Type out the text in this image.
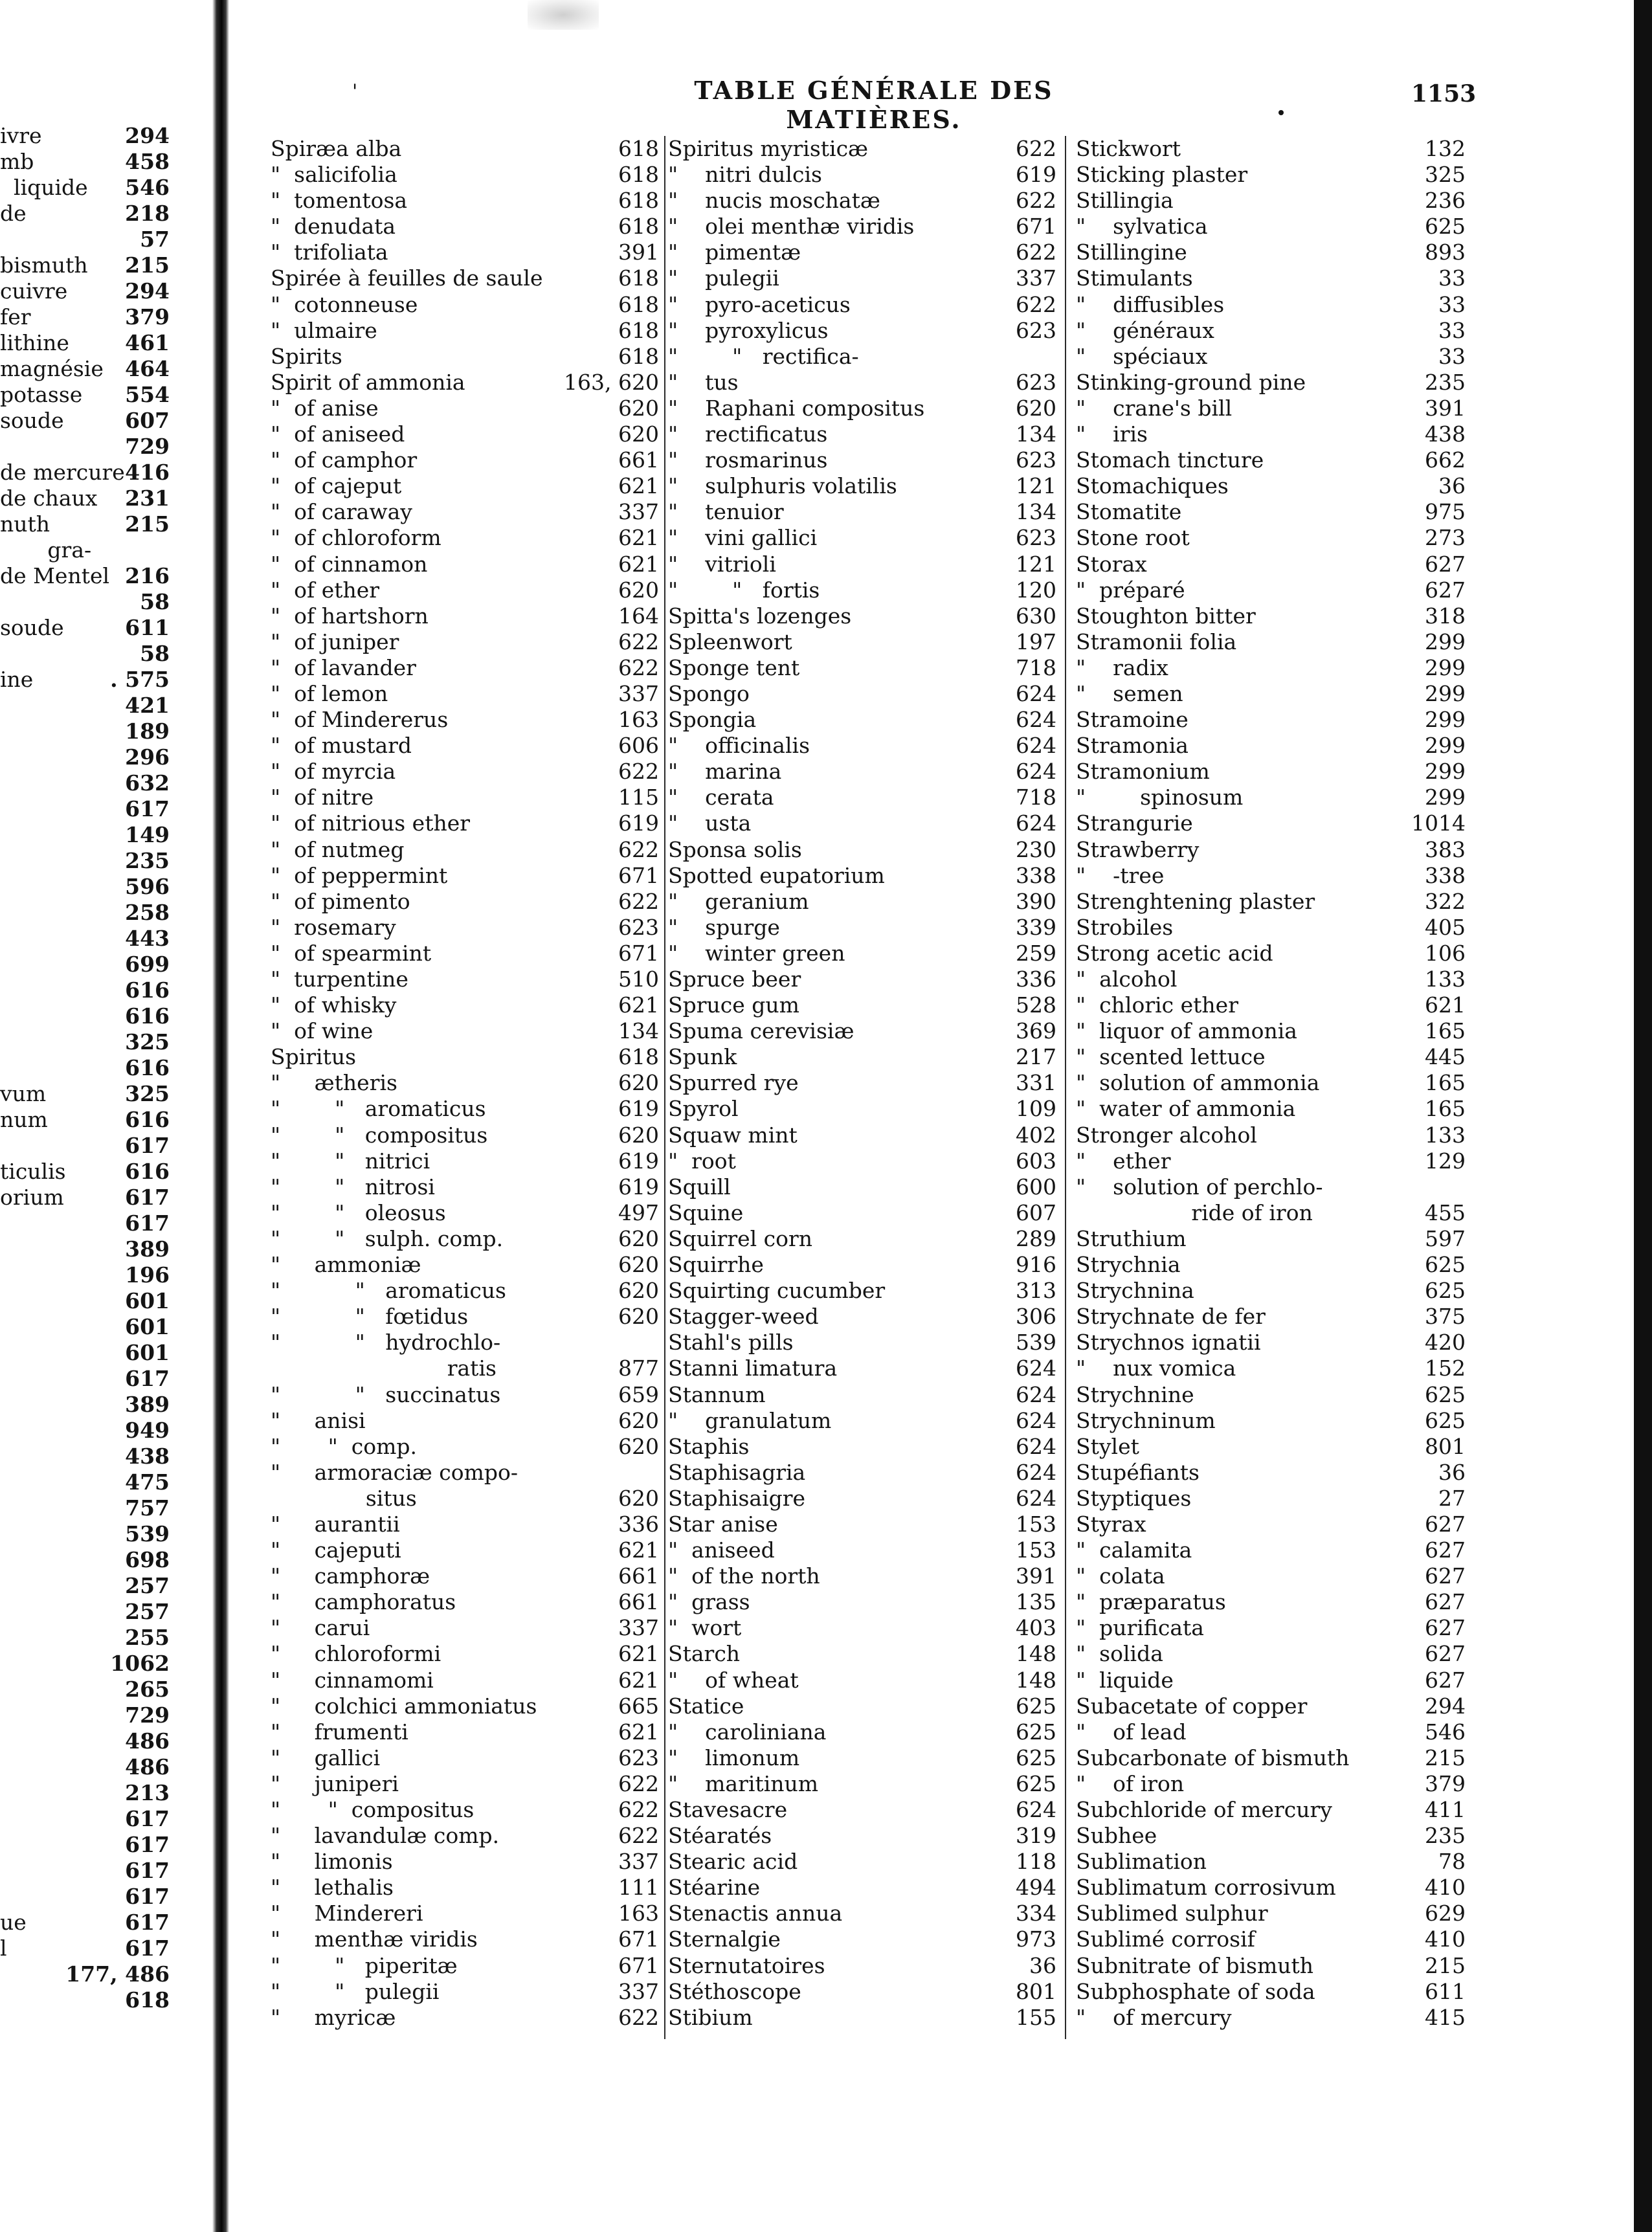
ivre	294
mb	458
liquide 546
de	218
57
bismuth 215
cuivre	294
fer	379
lithine	461
magnésie 464
potasse 554
soude	607
729
de mercure 416
de chaux 231
nuth	215
gra-
de Mentel 216
58
soude	611
58
ine	. 575
421
189
296
632
617
149
235
596
258
443
699
616
616
325
616
vum	325
num	616
617
ticulis	616
orium	617
617
389
196
601
601
601
617
389
949
438
475
757
539
698
257
257
255
1062
265
729
486
486
213
617
617
617
617
ue	617
l	617
177, 486
618
'	TABLE GÉNÉRALE DES MATIÈRES.
1153
Spiræa alba	618
"  salicifolia	618
"  tomentosa	618
"  denudata	618
"  trifoliata	391
Spirée à feuilles de saule	618
"  cotonneuse	618
"  ulmaire	618
Spirits	618
Spirit of ammonia	163, 620
"  of anise	620
"  of aniseed	620
"  of camphor	661
"  of cajeput	621
"  of caraway	337
"  of chloroform	621
"  of cinnamon	621
"  of ether	620
"  of hartshorn	164
"  of juniper	622
"  of lavander	622
"  of lemon	337
"  of Mindererus	163
"  of mustard	606
"  of myrcia	622
"  of nitre	115
"  of nitrious ether	619
"  of nutmeg	622
"  of peppermint	671
"  of pimento	622
"  rosemary	623
"  of spearmint	671
"  turpentine	510
"  of whisky	621
"  of wine	134
Spiritus	618
"     ætheris	620
"        "   aromaticus	619
"        "   compositus	620
"        "   nitrici	619
"        "   nitrosi	619
"        "   oleosus	497
"        "   sulph. comp.	620
"     ammoniæ	620
"           "   aromaticus	620
"           "   fœtidus	620
"           "   hydrochlo-
ratis	877
"           "   succinatus	659
"     anisi	620
"       "  comp.	620
"     armoraciæ compo-
situs	620
"     aurantii	336
"     cajeputi	621
"     camphoræ	661
"     camphoratus	661
"     carui	337
"     chloroformi	621
"     cinnamomi	621
"     colchici ammoniatus	665
"     frumenti	621
"     gallici	623
"     juniperi	622
"       "  compositus	622
"     lavandulæ comp.	622
"     limonis	337
"     lethalis	111
"     Mindereri	163
"     menthæ viridis	671
"        "   piperitæ	671
"        "   pulegii	337
"     myricæ	622
Spiritus myristicæ	622
"    nitri dulcis	619
"    nucis moschatæ	622
"    olei menthæ viridis	671
"    pimentæ	622
"    pulegii	337
"    pyro-aceticus	622
"    pyroxylicus	623
"        "   rectifica-
"    tus	623
"    Raphani compositus	620
"    rectificatus	134
"    rosmarinus	623
"    sulphuris volatilis	121
"    tenuior	134
"    vini gallici	623
"    vitrioli	121
"        "   fortis	120
Spitta's lozenges	630
Spleenwort	197
Sponge tent	718
Spongo	624
Spongia	624
"    officinalis	624
"    marina	624
"    cerata	718
"    usta	624
Sponsa solis	230
Spotted eupatorium	338
"    geranium	390
"    spurge	339
"    winter green	259
Spruce beer	336
Spruce gum	528
Spuma cerevisiæ	369
Spunk	217
Spurred rye	331
Spyrol	109
Squaw mint	402
"  root	603
Squill	600
Squine	607
Squirrel corn	289
Squirrhe	916
Squirting cucumber	313
Stagger-weed	306
Stahl's pills	539
Stanni limatura	624
Stannum	624
"    granulatum	624
Staphis	624
Staphisagria	624
Staphisaigre	624
Star anise	153
"  aniseed	153
"  of the north	391
"  grass	135
"  wort	403
Starch	148
"    of wheat	148
Statice	625
"    caroliniana	625
"    limonum	625
"    maritinum	625
Stavesacre	624
Stéaratés	319
Stearic acid	118
Stéarine	494
Stenactis annua	334
Sternalgie	973
Sternutatoires	36
Stéthoscope	801
Stibium	155
Stickwort	132
Sticking plaster	325
Stillingia	236
"    sylvatica	625
Stillingine	893
Stimulants	33
"    diffusibles	33
"    généraux	33
"    spéciaux	33
Stinking-ground pine	235
"    crane's bill	391
"    iris	438
Stomach tincture	662
Stomachiques	36
Stomatite	975
Stone root	273
Storax	627
"  préparé	627
Stoughton bitter	318
Stramonii folia	299
"    radix	299
"    semen	299
Stramoine	299
Stramonia	299
Stramonium	299
"        spinosum	299
Strangurie	1014
Strawberry	383
"    -tree	338
Strenghtening plaster	322
Strobiles	405
Strong acetic acid	106
"  alcohol	133
"  chloric ether	621
"  liquor of ammonia	165
"  scented lettuce	445
"  solution of ammonia	165
"  water of ammonia	165
Stronger alcohol	133
"    ether	129
"    solution of perchlo-
ride of iron	455
Struthium	597
Strychnia	625
Strychnina	625
Strychnate de fer	375
Strychnos ignatii	420
"    nux vomica	152
Strychnine	625
Strychninum	625
Stylet	801
Stupéfiants	36
Styptiques	27
Styrax	627
"  calamita	627
"  colata	627
"  præparatus	627
"  purificata	627
"  solida	627
"  liquide	627
Subacetate of copper	294
"    of lead	546
Subcarbonate of bismuth	215
"    of iron	379
Subchloride of mercury	411
Subhee	235
Sublimation	78
Sublimatum corrosivum	410
Sublimed sulphur	629
Sublimé corrosif	410
Subnitrate of bismuth	215
Subphosphate of soda	611
"    of mercury	415
